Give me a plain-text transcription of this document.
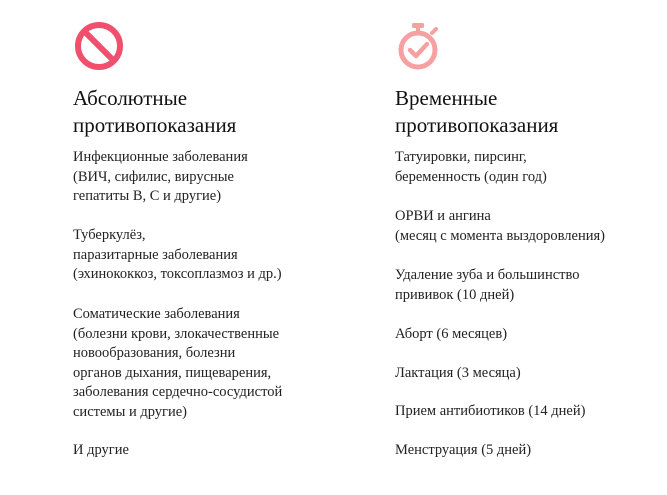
Абсолютные
противопоказания

Инфекционные заболевания
(ВИЧ, сифилис, вирусные
гепатиты B, C и другие)

Туберкулёз,
паразитарные заболевания
(эхинококкоз, токсоплазмоз и др.)

Соматические заболевания
(болезни крови, злокачественные
новообразования, болезни
органов дыхания, пищеварения,
заболевания сердечно-сосудистой
системы и другие)

И другие

Временные
противопоказания

Татуировки, пирсинг,
беременность (один год)

ОРВИ и ангина
(месяц с момента выздоровления)

Удаление зуба и большинство
прививок (10 дней)

Аборт (6 месяцев)

Лактация (3 месяца)

Прием антибиотиков (14 дней)

Менструация (5 дней)
